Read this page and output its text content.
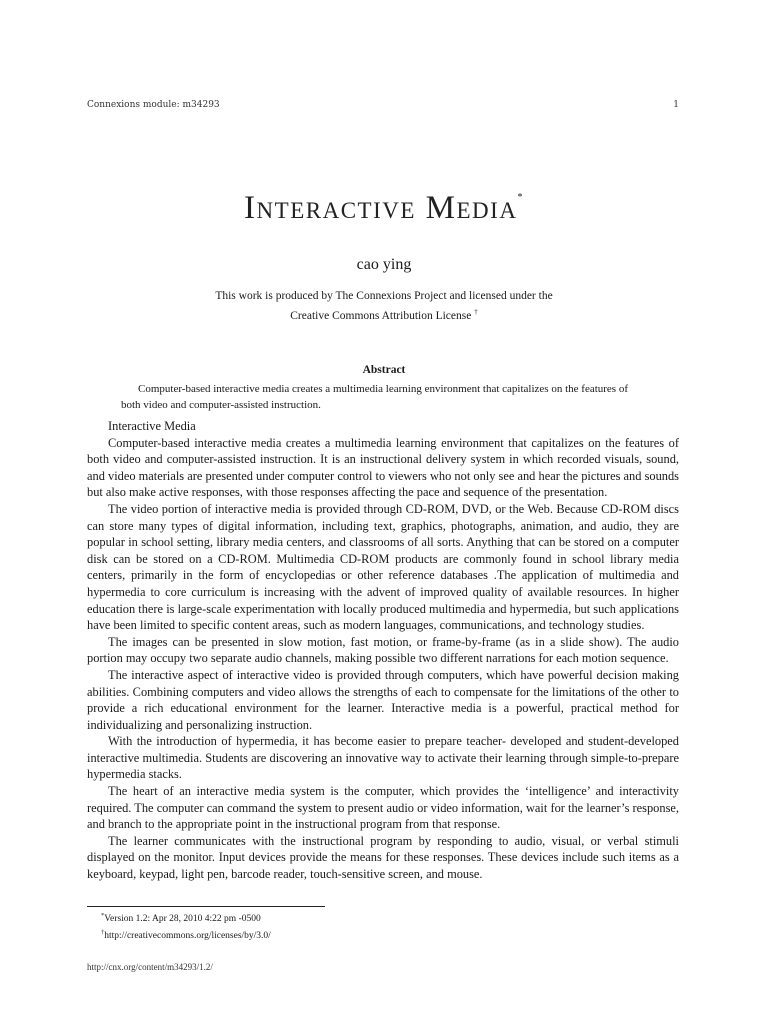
Connexions module: m34293	1
Interactive Media*
cao ying
This work is produced by The Connexions Project and licensed under the
Creative Commons Attribution License †
Abstract
Computer-based interactive media creates a multimedia learning environment that capitalizes on the features of both video and computer-assisted instruction.

Interactive Media

Computer-based interactive media creates a multimedia learning environment that capitalizes on the features of both video and computer-assisted instruction. It is an instructional delivery system in which recorded visuals, sound, and video materials are presented under computer control to viewers who not only see and hear the pictures and sounds but also make active responses, with those responses affecting the pace and sequence of the presentation.

The video portion of interactive media is provided through CD-ROM, DVD, or the Web. Because CD-ROM discs can store many types of digital information, including text, graphics, photographs, animation, and audio, they are popular in school setting, library media centers, and classrooms of all sorts. Anything that can be stored on a computer disk can be stored on a CD-ROM. Multimedia CD-ROM products are commonly found in school library media centers, primarily in the form of encyclopedias or other reference databases .The application of multimedia and hypermedia to core curriculum is increasing with the advent of improved quality of available resources. In higher education there is large-scale experimentation with locally produced multimedia and hypermedia, but such applications have been limited to specific content areas, such as modern languages, communications, and technology studies.

The images can be presented in slow motion, fast motion, or frame-by-frame (as in a slide show). The audio portion may occupy two separate audio channels, making possible two different narrations for each motion sequence.

The interactive aspect of interactive video is provided through computers, which have powerful decision making abilities. Combining computers and video allows the strengths of each to compensate for the limitations of the other to provide a rich educational environment for the learner. Interactive media is a powerful, practical method for individualizing and personalizing instruction.

With the introduction of hypermedia, it has become easier to prepare teacher- developed and student-developed interactive multimedia. Students are discovering an innovative way to activate their learning through simple-to-prepare hypermedia stacks.

The heart of an interactive media system is the computer, which provides the ‘intelligence’ and interactivity required. The computer can command the system to present audio or video information, wait for the learner’s response, and branch to the appropriate point in the instructional program from that response.

The learner communicates with the instructional program by responding to audio, visual, or verbal stimuli displayed on the monitor. Input devices provide the means for these responses. These devices include such items as a keyboard, keypad, light pen, barcode reader, touch-sensitive screen, and mouse.

*Version 1.2: Apr 28, 2010 4:22 pm -0500
†http://creativecommons.org/licenses/by/3.0/
http://cnx.org/content/m34293/1.2/
